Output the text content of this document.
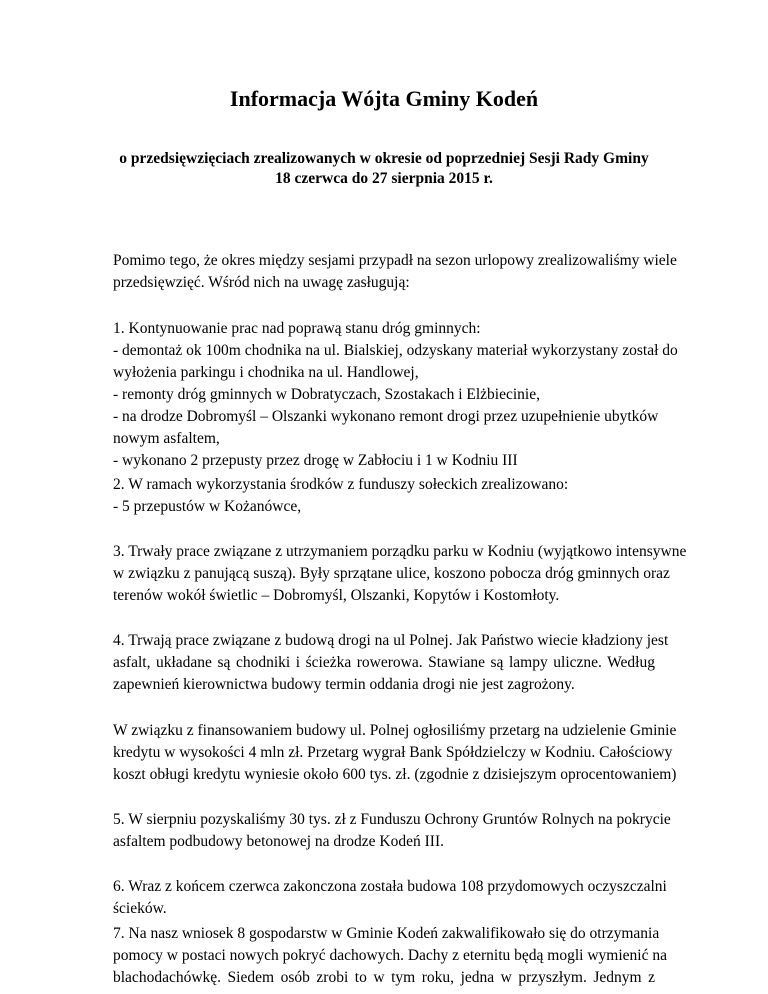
Informacja Wójta Gminy Kodeń

o przedsięwzięciach zrealizowanych w okresie od poprzedniej Sesji Rady Gminy

18 czerwca do 27 sierpnia 2015 r.

Pomimo tego, że okres między sesjami przypadł na sezon urlopowy zrealizowaliśmy wiele
przedsięwzięć. Wśród nich na uwagę zasługują:
1. Kontynuowanie prac nad poprawą stanu dróg gminnych:
- demontaż ok 100m chodnika na ul. Bialskiej, odzyskany materiał wykorzystany został do
wyłożenia parkingu i chodnika na ul. Handlowej,
- remonty dróg gminnych w Dobratyczach, Szostakach i Elżbiecinie,
- na drodze Dobromyśl – Olszanki wykonano remont drogi przez uzupełnienie ubytków
nowym asfaltem,
- wykonano 2 przepusty przez drogę w Zabłociu i 1 w Kodniu III
2. W ramach wykorzystania środków z funduszy sołeckich zrealizowano:
- 5 przepustów w Kożanówce,
3. Trwały prace związane z utrzymaniem porządku parku w Kodniu (wyjątkowo intensywne
w związku z panującą suszą). Były sprzątane ulice, koszono pobocza dróg gminnych oraz
terenów wokół świetlic – Dobromyśl, Olszanki, Kopytów i Kostomłoty.
4. Trwają prace związane z budową drogi na ul Polnej. Jak Państwo wiecie kładziony jest
asfalt, układane są chodniki i ścieżka rowerowa. Stawiane są lampy uliczne. Według
zapewnień kierownictwa budowy termin oddania drogi nie jest zagrożony.
W związku z finansowaniem budowy ul. Polnej ogłosiliśmy przetarg na udzielenie Gminie
kredytu w wysokości 4 mln zł. Przetarg wygrał Bank Spółdzielczy w Kodniu. Całościowy
koszt obługi kredytu wyniesie około 600 tys. zł. (zgodnie z dzisiejszym oprocentowaniem)
5. W sierpniu pozyskaliśmy 30 tys. zł z Funduszu Ochrony Gruntów Rolnych na pokrycie
asfaltem podbudowy betonowej na drodze Kodeń III.
6. Wraz z końcem czerwca zakonczona została budowa 108 przydomowych oczyszczalni
ścieków.
7. Na nasz wniosek 8 gospodarstw w Gminie Kodeń zakwalifikowało się do otrzymania
pomocy w postaci nowych pokryć dachowych. Dachy z eternitu będą mogli wymienić na
blachodachówkę. Siedem osób zrobi to w tym roku, jedna w przyszłym. Jednym z
